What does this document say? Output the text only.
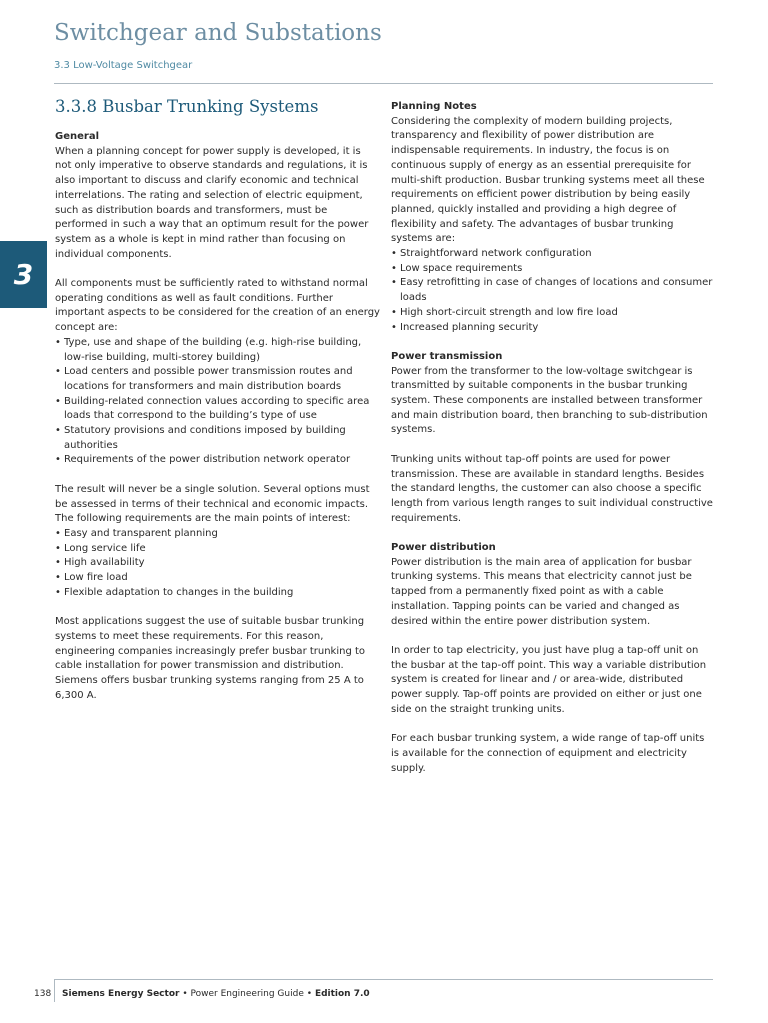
Switchgear and Substations
3.3 Low-Voltage Switchgear
3
3.3.8 Busbar Trunking Systems

General

When a planning concept for power supply is developed, it is not only imperative to observe standards and regulations, it is also important to discuss and clarify economic and technical interrelations. The rating and selection of electric equipment, such as distribution boards and transformers, must be performed in such a way that an optimum result for the power system as a whole is kept in mind rather than focusing on individual components.

All components must be sufficiently rated to withstand normal operating conditions as well as fault conditions. Further important aspects to be considered for the creation of an energy concept are:

• Type, use and shape of the building (e.g. high-rise building, low-rise building, multi-storey building)
• Load centers and possible power transmission routes and locations for transformers and main distribution boards
• Building-related connection values according to specific area loads that correspond to the building’s type of use
• Statutory provisions and conditions imposed by building authorities
• Requirements of the power distribution network operator

The result will never be a single solution. Several options must be assessed in terms of their technical and economic impacts. The following requirements are the main points of interest:

• Easy and transparent planning
• Long service life
• High availability
• Low fire load
• Flexible adaptation to changes in the building

Most applications suggest the use of suitable busbar trunking systems to meet these requirements. For this reason, engineering companies increasingly prefer busbar trunking to cable installation for power transmission and distribution. Siemens offers busbar trunking systems ranging from 25 A to 6,300 A.

Planning Notes

Considering the complexity of modern building projects, transparency and flexibility of power distribution are indispensable requirements. In industry, the focus is on continuous supply of energy as an essential prerequisite for multi-shift production. Busbar trunking systems meet all these requirements on efficient power distribution by being easily planned, quickly installed and providing a high degree of flexibility and safety. The advantages of busbar trunking systems are:

• Straightforward network configuration
• Low space requirements
• Easy retrofitting in case of changes of locations and consumer loads
• High short-circuit strength and low fire load
• Increased planning security

Power transmission

Power from the transformer to the low-voltage switchgear is transmitted by suitable components in the busbar trunking system. These components are installed between transformer and main distribution board, then branching to sub-distribution systems.

Trunking units without tap-off points are used for power transmission. These are available in standard lengths. Besides the standard lengths, the customer can also choose a specific length from various length ranges to suit individual constructive requirements.

Power distribution

Power distribution is the main area of application for busbar trunking systems. This means that electricity cannot just be tapped from a permanently fixed point as with a cable installation. Tapping points can be varied and changed as desired within the entire power distribution system.

In order to tap electricity, you just have plug a tap-off unit on the busbar at the tap-off point. This way a variable distribution system is created for linear and / or area-wide, distributed power supply. Tap-off points are provided on either or just one side on the straight trunking units.

For each busbar trunking system, a wide range of tap-off units is available for the connection of equipment and electricity supply.

138 Siemens Energy Sector • Power Engineering Guide • Edition 7.0
